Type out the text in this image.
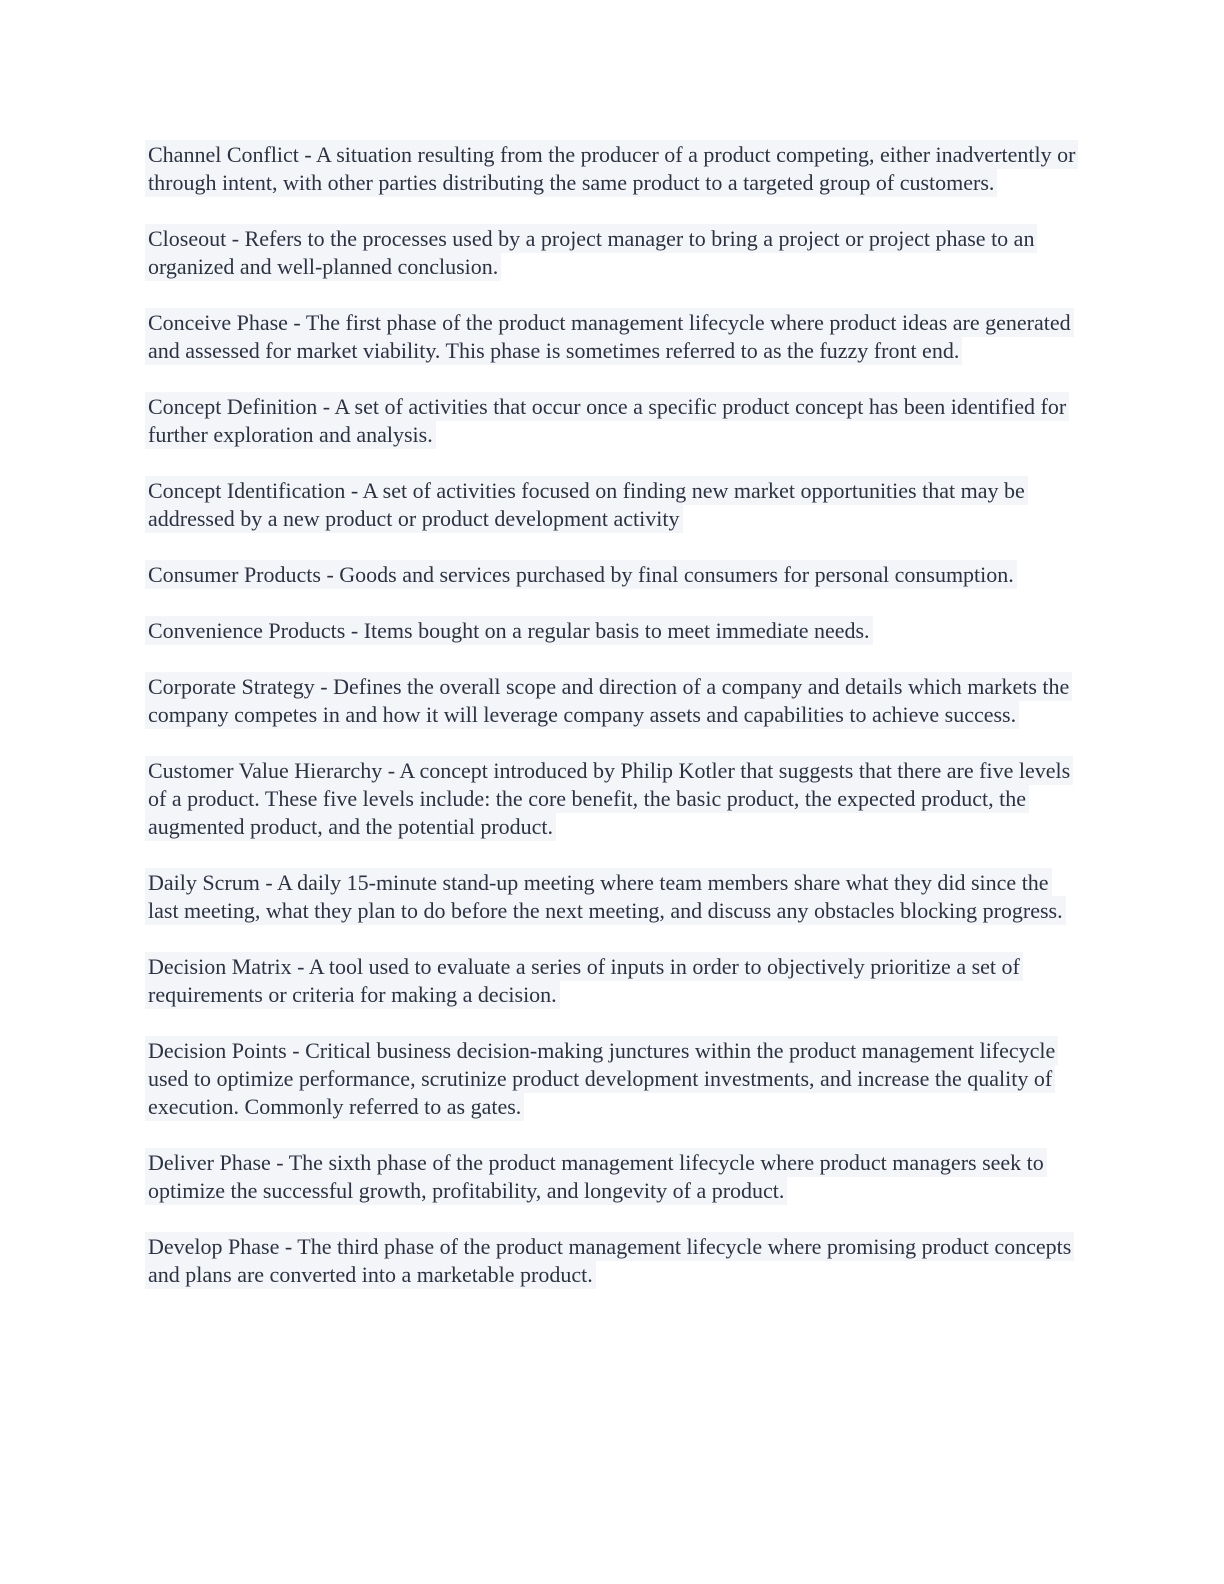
Channel Conflict - A situation resulting from the producer of a product competing, either inadvertently or through intent, with other parties distributing the same product to a targeted group of customers.

Closeout - Refers to the processes used by a project manager to bring a project or project phase to an organized and well-planned conclusion.

Conceive Phase - The first phase of the product management lifecycle where product ideas are generated and assessed for market viability. This phase is sometimes referred to as the fuzzy front end.

Concept Definition - A set of activities that occur once a specific product concept has been identified for further exploration and analysis.

Concept Identification - A set of activities focused on finding new market opportunities that may be addressed by a new product or product development activity

Consumer Products - Goods and services purchased by final consumers for personal consumption.

Convenience Products - Items bought on a regular basis to meet immediate needs.

Corporate Strategy - Defines the overall scope and direction of a company and details which markets the company competes in and how it will leverage company assets and capabilities to achieve success.

Customer Value Hierarchy - A concept introduced by Philip Kotler that suggests that there are five levels of a product. These five levels include: the core benefit, the basic product, the expected product, the augmented product, and the potential product.

Daily Scrum - A daily 15-minute stand-up meeting where team members share what they did since the last meeting, what they plan to do before the next meeting, and discuss any obstacles blocking progress.

Decision Matrix - A tool used to evaluate a series of inputs in order to objectively prioritize a set of requirements or criteria for making a decision.

Decision Points - Critical business decision-making junctures within the product management lifecycle used to optimize performance, scrutinize product development investments, and increase the quality of execution. Commonly referred to as gates.

Deliver Phase - The sixth phase of the product management lifecycle where product managers seek to optimize the successful growth, profitability, and longevity of a product.

Develop Phase - The third phase of the product management lifecycle where promising product concepts and plans are converted into a marketable product.
